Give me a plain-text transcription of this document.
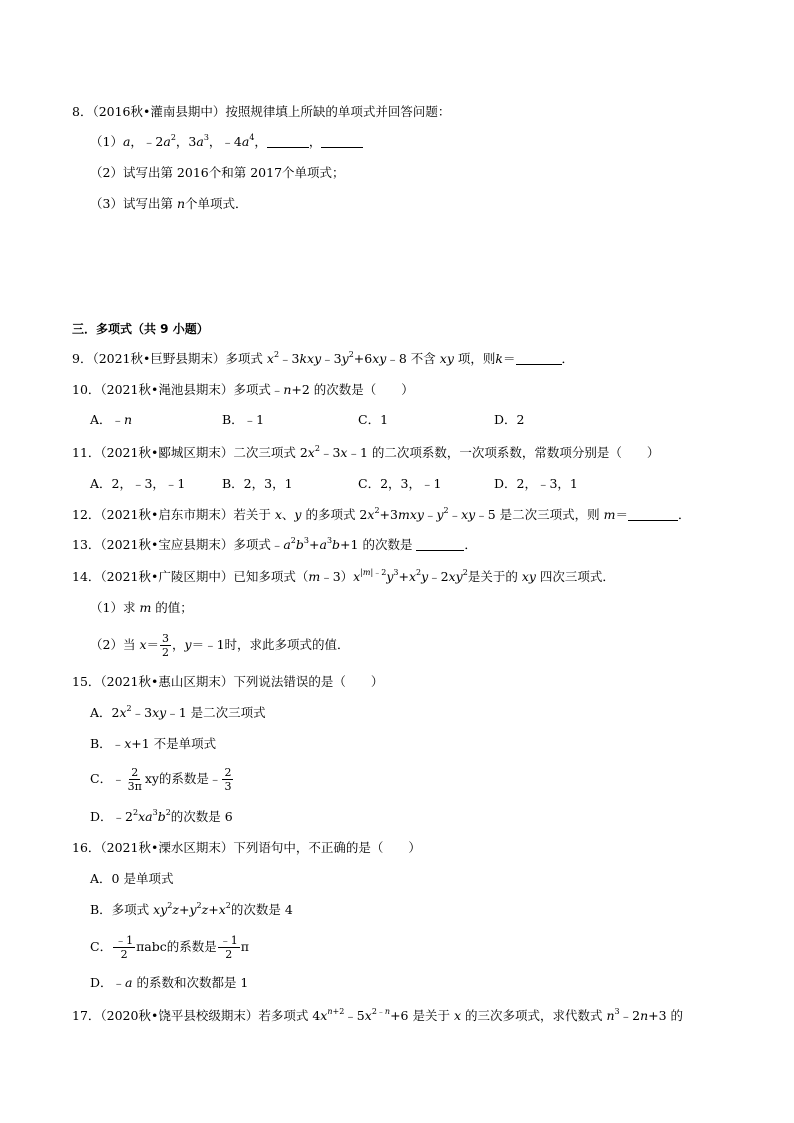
8．（2016秋•灌南县期中）按照规律填上所缺的单项式并回答问题：
（1）a，$﹣2a^2$，$3a^3$，$﹣4a^4$，	，
（2）试写出第 2016个和第 2017个单项式；
（3）试写出第 n个单项式．
三．多项式（共 9 小题）
9．（2021秋•巨野县期末）多项式 $x^2﹣3kxy﹣3y^2+6xy﹣8$ 不含 xy 项，则k＝	．
10．（2021秋•渑池县期末）多项式﹣n+2 的次数是（　　）
A．﹣n	B．﹣1	C．1	D．2
11．（2021秋•郾城区期末）二次三项式 $2x^2﹣3x﹣1$ 的二次项系数，一次项系数，常数项分别是（　　）
A．2，﹣3，﹣1	B．2，3，1	C．2，3，﹣1	D．2，﹣3，1
12．（2021秋•启东市期末）若关于 x、y 的多项式 $2x^2+3mxy﹣y^2﹣xy﹣5$ 是二次三项式，则 m＝	．
13．（2021秋•宝应县期末）多项式$﹣a^2b^3+a^3b+1$ 的次数是	．
14．（2021秋•广陵区期中）已知多项式$(m﹣3)x^{|m|﹣2}y^3+x^2y﹣2xy^2$是关于的 xy 四次三项式．
（1）求 m 的值；
（2）当 $x= \frac{3}{2}$ ，y＝﹣1时，求此多项式的值．
15．（2021秋•惠山区期末）下列说法错误的是（　　）
A．$2x^2﹣3xy﹣1$ 是二次三项式
B．﹣x+1 不是单项式
C．﹣ $\frac{2}{3\pi}$ xy的系数是﹣ $\frac{2}{3}$
D．$﹣2^2xa^3b^2$的次数是 6
16．（2021秋•溧水区期末）下列语句中，不正确的是（　　）
A．0 是单项式
B．多项式 $xy^2z+y^2z+x^2$的次数是 4
C． $\frac{﹣1}{2}$ πabc的系数是 $\frac{﹣1}{2}$ π
D．﹣a 的系数和次数都是 1
17．（2020秋•饶平县校级期末）若多项式 $4x^{n+2}﹣5x^{2﹣n}+6$ 是关于 x 的三次多项式，求代数式 $n^3﹣2n+3$ 的
